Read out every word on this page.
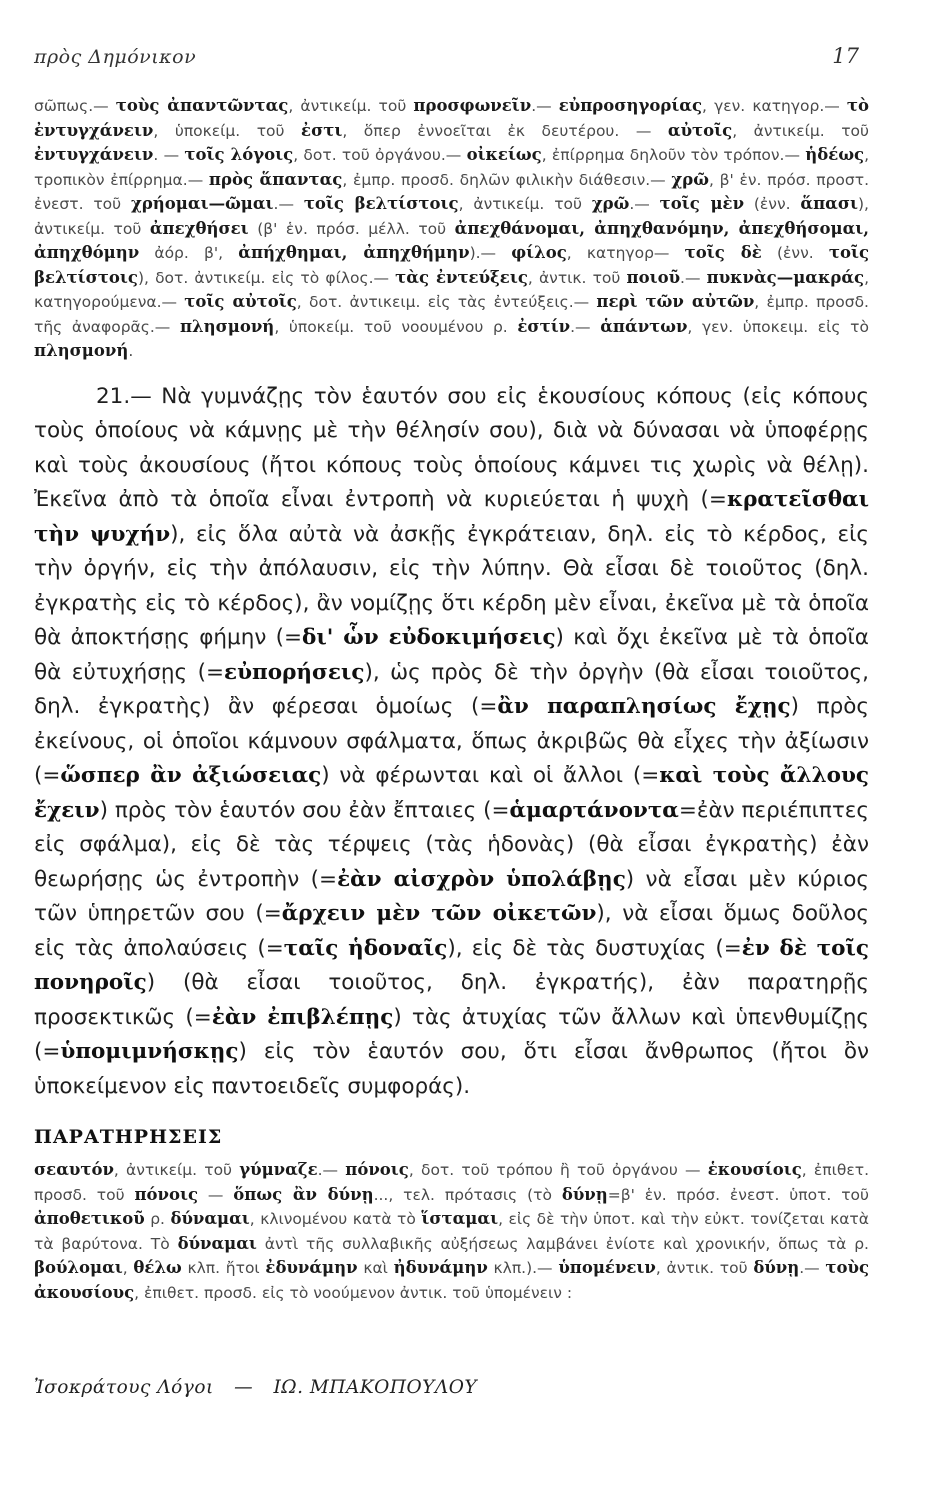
πρὸς Δημόνικον	17

σῶπως.— τοὺς ἀπαντῶντας, ἀντικείμ. τοῦ προσφωνεῖν.— εὐπροσηγορίας, γεν. κατηγορ.— τὸ ἐντυγχάνειν, ὑποκείμ. τοῦ ἐστι, ὅπερ ἐννοεῖται ἐκ δευτέρου. — αὐτοῖς, ἀντικείμ. τοῦ ἐντυγχάνειν. — τοῖς λόγοις, δοτ. τοῦ ὀργάνου.— οἰκείως, ἐπίρρημα δηλοῦν τὸν τρόπον.— ἡδέως, τροπικὸν ἐπίρρημα.— πρὸς ἅπαντας, ἐμπρ. προσδ. δηλῶν φιλικὴν διάθεσιν.— χρῶ, β' ἑν. πρόσ. προστ. ἐνεστ. τοῦ χρήομαι—ῶμαι.— τοῖς βελτίστοις, ἀντικείμ. τοῦ χρῶ.— τοῖς μὲν (ἐνν. ἅπασι), ἀντικείμ. τοῦ ἀπεχθήσει (β' ἑν. πρόσ. μέλλ. τοῦ ἀπεχθάνομαι, ἀπηχθανόμην, ἀπεχθήσομαι, ἀπηχθόμην ἀόρ. β', ἀπήχθημαι, ἀπηχθήμην).— φίλος, κατηγορ— τοῖς δὲ (ἐνν. τοῖς βελτίστοις), δοτ. ἀντικείμ. εἰς τὸ φίλος.— τὰς ἐντεύξεις, ἀντικ. τοῦ ποιοῦ.— πυκνὰς—μακράς, κατηγορούμενα.— τοῖς αὐτοῖς, δοτ. ἀντικειμ. εἰς τὰς ἐντεύξεις.— περὶ τῶν αὐτῶν, ἐμπρ. προσδ. τῆς ἀναφορᾶς.— πλησμονή, ὑποκείμ. τοῦ νοουμένου ρ. ἐστίν.— ἁπάντων, γεν. ὑποκειμ. εἰς τὸ πλησμονή.

21.— Νὰ γυμνάζῃς τὸν ἑαυτόν σου εἰς ἑκουσίους κόπους (εἰς κόπους τοὺς ὁποίους νὰ κάμνῃς μὲ τὴν θέλησίν σου), διὰ νὰ δύνασαι νὰ ὑποφέρῃς καὶ τοὺς ἀκουσίους (ἤτοι κόπους τοὺς ὁποίους κάμνει τις χωρὶς νὰ θέλῃ). Ἐκεῖνα ἀπὸ τὰ ὁποῖα εἶναι ἐντροπὴ νὰ κυριεύεται ἡ ψυχὴ (=κρατεῖσθαι τὴν ψυχήν), εἰς ὅλα αὐτὰ νὰ ἀσκῇς ἐγκράτειαν, δηλ. εἰς τὸ κέρδος, εἰς τὴν ὀργήν, εἰς τὴν ἀπόλαυσιν, εἰς τὴν λύπην. Θὰ εἶσαι δὲ τοιοῦτος (δηλ. ἐγκρατὴς εἰς τὸ κέρδος), ἂν νομίζῃς ὅτι κέρδη μὲν εἶναι, ἐκεῖνα μὲ τὰ ὁποῖα θὰ ἀποκτήσῃς φήμην (=δι' ὧν εὐδοκιμήσεις) καὶ ὄχι ἐκεῖνα μὲ τὰ ὁποῖα θὰ εὐτυχήσῃς (=εὐπορήσεις), ὡς πρὸς δὲ τὴν ὀργὴν (θὰ εἶσαι τοιοῦτος, δηλ. ἐγκρατὴς) ἂν φέρεσαι ὁμοίως (=ἂν παραπλησίως ἔχῃς) πρὸς ἐκείνους, οἱ ὁποῖοι κάμνουν σφάλματα, ὅπως ἀκριβῶς θὰ εἶχες τὴν ἀξίωσιν (=ὥσπερ ἂν ἀξιώσειας) νὰ φέρωνται καὶ οἱ ἄλλοι (=καὶ τοὺς ἄλλους ἔχειν) πρὸς τὸν ἑαυτόν σου ἐὰν ἔπταιες (=ἁμαρτάνοντα=ἐὰν περιέπιπτες εἰς σφάλμα), εἰς δὲ τὰς τέρψεις (τὰς ἡδονὰς) (θὰ εἶσαι ἐγκρατὴς) ἐὰν θεωρήσῃς ὡς ἐντροπὴν (=ἐὰν αἰσχρὸν ὑπολάβῃς) νὰ εἶσαι μὲν κύριος τῶν ὑπηρετῶν σου (=ἄρχειν μὲν τῶν οἰκετῶν), νὰ εἶσαι ὅμως δοῦλος εἰς τὰς ἀπολαύσεις (=ταῖς ἡδοναῖς), εἰς δὲ τὰς δυστυχίας (=ἐν δὲ τοῖς πονηροῖς) (θὰ εἶσαι τοιοῦτος, δηλ. ἐγκρατής), ἐὰν παρατηρῇς προσεκτικῶς (=ἐὰν ἐπιβλέπῃς) τὰς ἀτυχίας τῶν ἄλλων καὶ ὑπενθυμίζῃς (=ὑπομιμνήσκῃς) εἰς τὸν ἑαυτόν σου, ὅτι εἶσαι ἄνθρωπος (ἤτοι ὂν ὑποκείμενον εἰς παντοειδεῖς συμφοράς).

ΠΑΡΑΤΗΡΗΣΕΙΣ

σεαυτόν, ἀντικείμ. τοῦ γύμναζε.— πόνοις, δοτ. τοῦ τρόπου ἢ τοῦ ὀργάνου — ἑκουσίοις, ἐπιθετ. προσδ. τοῦ πόνοις — ὅπως ἂν δύνῃ..., τελ. πρότασις (τὸ δύνῃ=β' ἑν. πρόσ. ἐνεστ. ὑποτ. τοῦ ἀποθετικοῦ ρ. δύναμαι, κλινομένου κατὰ τὸ ἵσταμαι, εἰς δὲ τὴν ὑποτ. καὶ τὴν εὐκτ. τονίζεται κατὰ τὰ βαρύτονα. Τὸ δύναμαι ἀντὶ τῆς συλλαβικῆς αὐξήσεως λαμβάνει ἐνίοτε καὶ χρονικήν, ὅπως τὰ ρ. βούλομαι, θέλω κλπ. ἤτοι ἐδυνάμην καὶ ἠδυνάμην κλπ.).— ὑπομένειν, ἀντικ. τοῦ δύνῃ.— τοὺς ἀκουσίους, ἐπιθετ. προσδ. εἰς τὸ νοούμενον ἀντικ. τοῦ ὑπομένειν :

Ἰσοκράτους Λόγοι — ΙΩ. ΜΠΑΚΟΠΟΥΛΟΥ
